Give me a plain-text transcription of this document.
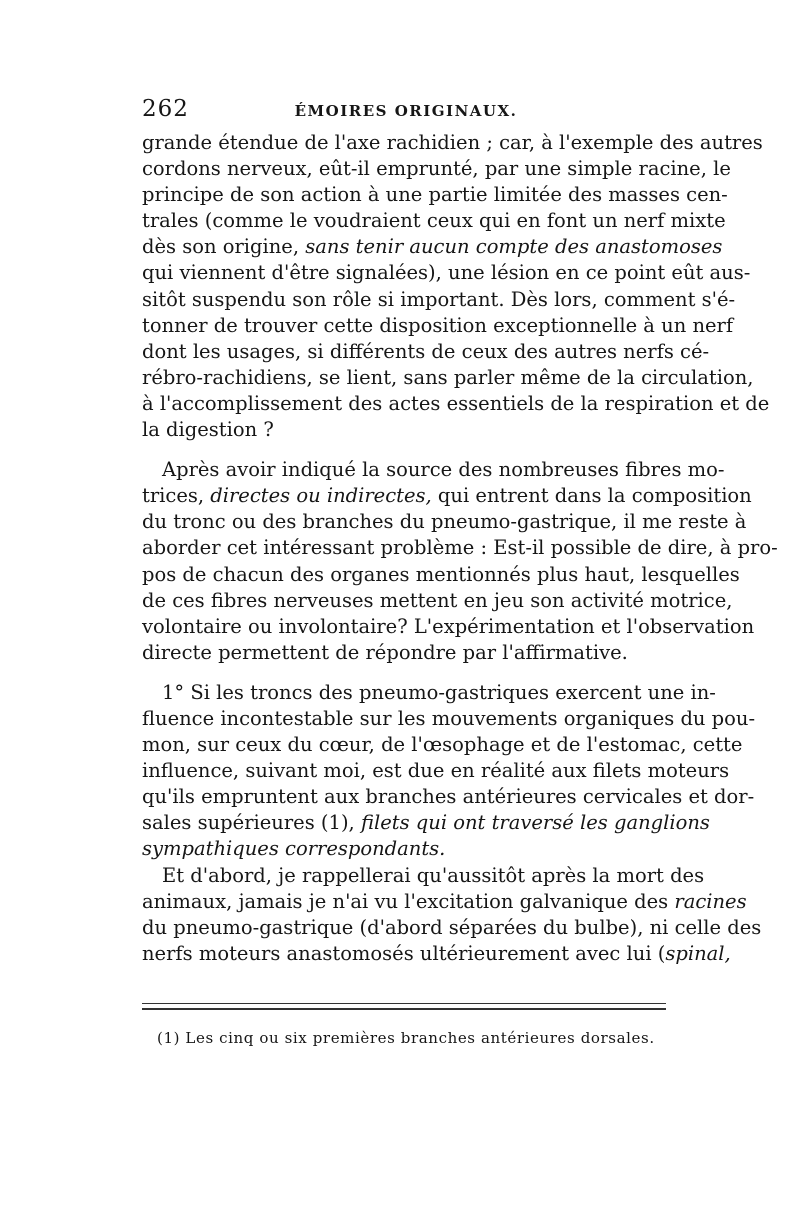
262	ÉMOIRES ORIGINAUX.
grande étendue de l'axe rachidien ; car, à l'exemple des autres
cordons nerveux, eût-il emprunté, par une simple racine, le
principe de son action à une partie limitée des masses cen-
trales (comme le voudraient ceux qui en font un nerf mixte
dès son origine, sans tenir aucun compte des anastomoses
qui viennent d'être signalées), une lésion en ce point eût aus-
sitôt suspendu son rôle si important. Dès lors, comment s'é-
tonner de trouver cette disposition exceptionnelle à un nerf
dont les usages, si différents de ceux des autres nerfs cé-
rébro-rachidiens, se lient, sans parler même de la circulation,
à l'accomplissement des actes essentiels de la respiration et de
la digestion ?
Après avoir indiqué la source des nombreuses fibres mo-
trices, directes ou indirectes, qui entrent dans la composition
du tronc ou des branches du pneumo-gastrique, il me reste à
aborder cet intéressant problème : Est-il possible de dire, à pro-
pos de chacun des organes mentionnés plus haut, lesquelles
de ces fibres nerveuses mettent en jeu son activité motrice,
volontaire ou involontaire? L'expérimentation et l'observation
directe permettent de répondre par l'affirmative.
1° Si les troncs des pneumo-gastriques exercent une in-
fluence incontestable sur les mouvements organiques du pou-
mon, sur ceux du cœur, de l'œsophage et de l'estomac, cette
influence, suivant moi, est due en réalité aux filets moteurs
qu'ils empruntent aux branches antérieures cervicales et dor-
sales supérieures (1), filets qui ont traversé les ganglions
sympathiques correspondants.
Et d'abord, je rappellerai qu'aussitôt après la mort des
animaux, jamais je n'ai vu l'excitation galvanique des racines
du pneumo-gastrique (d'abord séparées du bulbe), ni celle des
nerfs moteurs anastomosés ultérieurement avec lui (spinal,
(1) Les cinq ou six premières branches antérieures dorsales.
